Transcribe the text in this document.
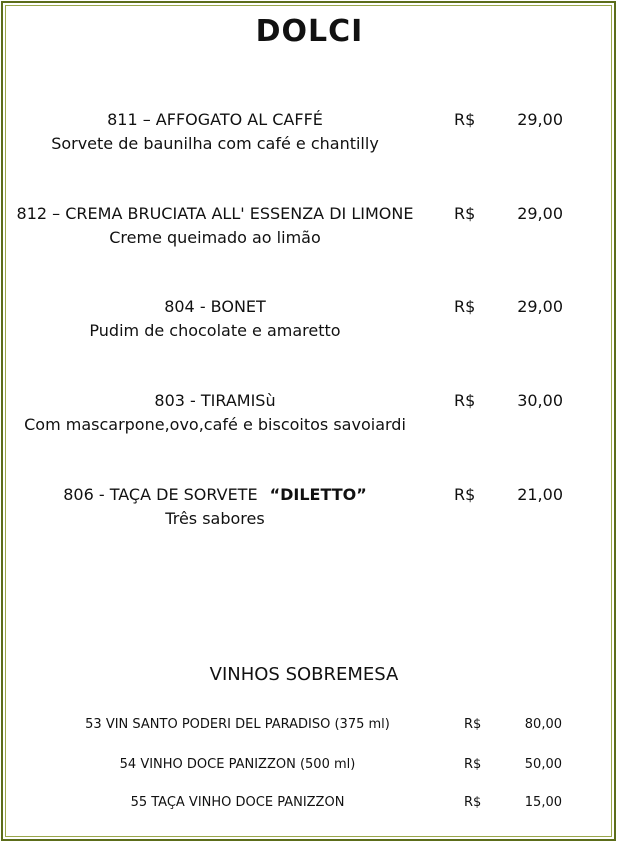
DOLCI
811 – AFFOGATO AL CAFFÉ
Sorvete de baunilha com café e chantilly
R$	29,00
812 – CREMA BRUCIATA ALL' ESSENZA DI LIMONE
Creme queimado ao limão
R$	29,00
804 - BONET
Pudim de chocolate e amaretto
R$	29,00
803 - TIRAMISù
Com mascarpone,ovo,café e biscoitos savoiardi
R$	30,00
806 - TAÇA DE SORVETE “DILETTO”
Três sabores
R$	21,00
VINHOS SOBREMESA
53 VIN SANTO PODERI DEL PARADISO (375 ml)	R$	80,00
54 VINHO DOCE PANIZZON (500 ml)	R$	50,00
55 TAÇA VINHO DOCE PANIZZON	R$	15,00
